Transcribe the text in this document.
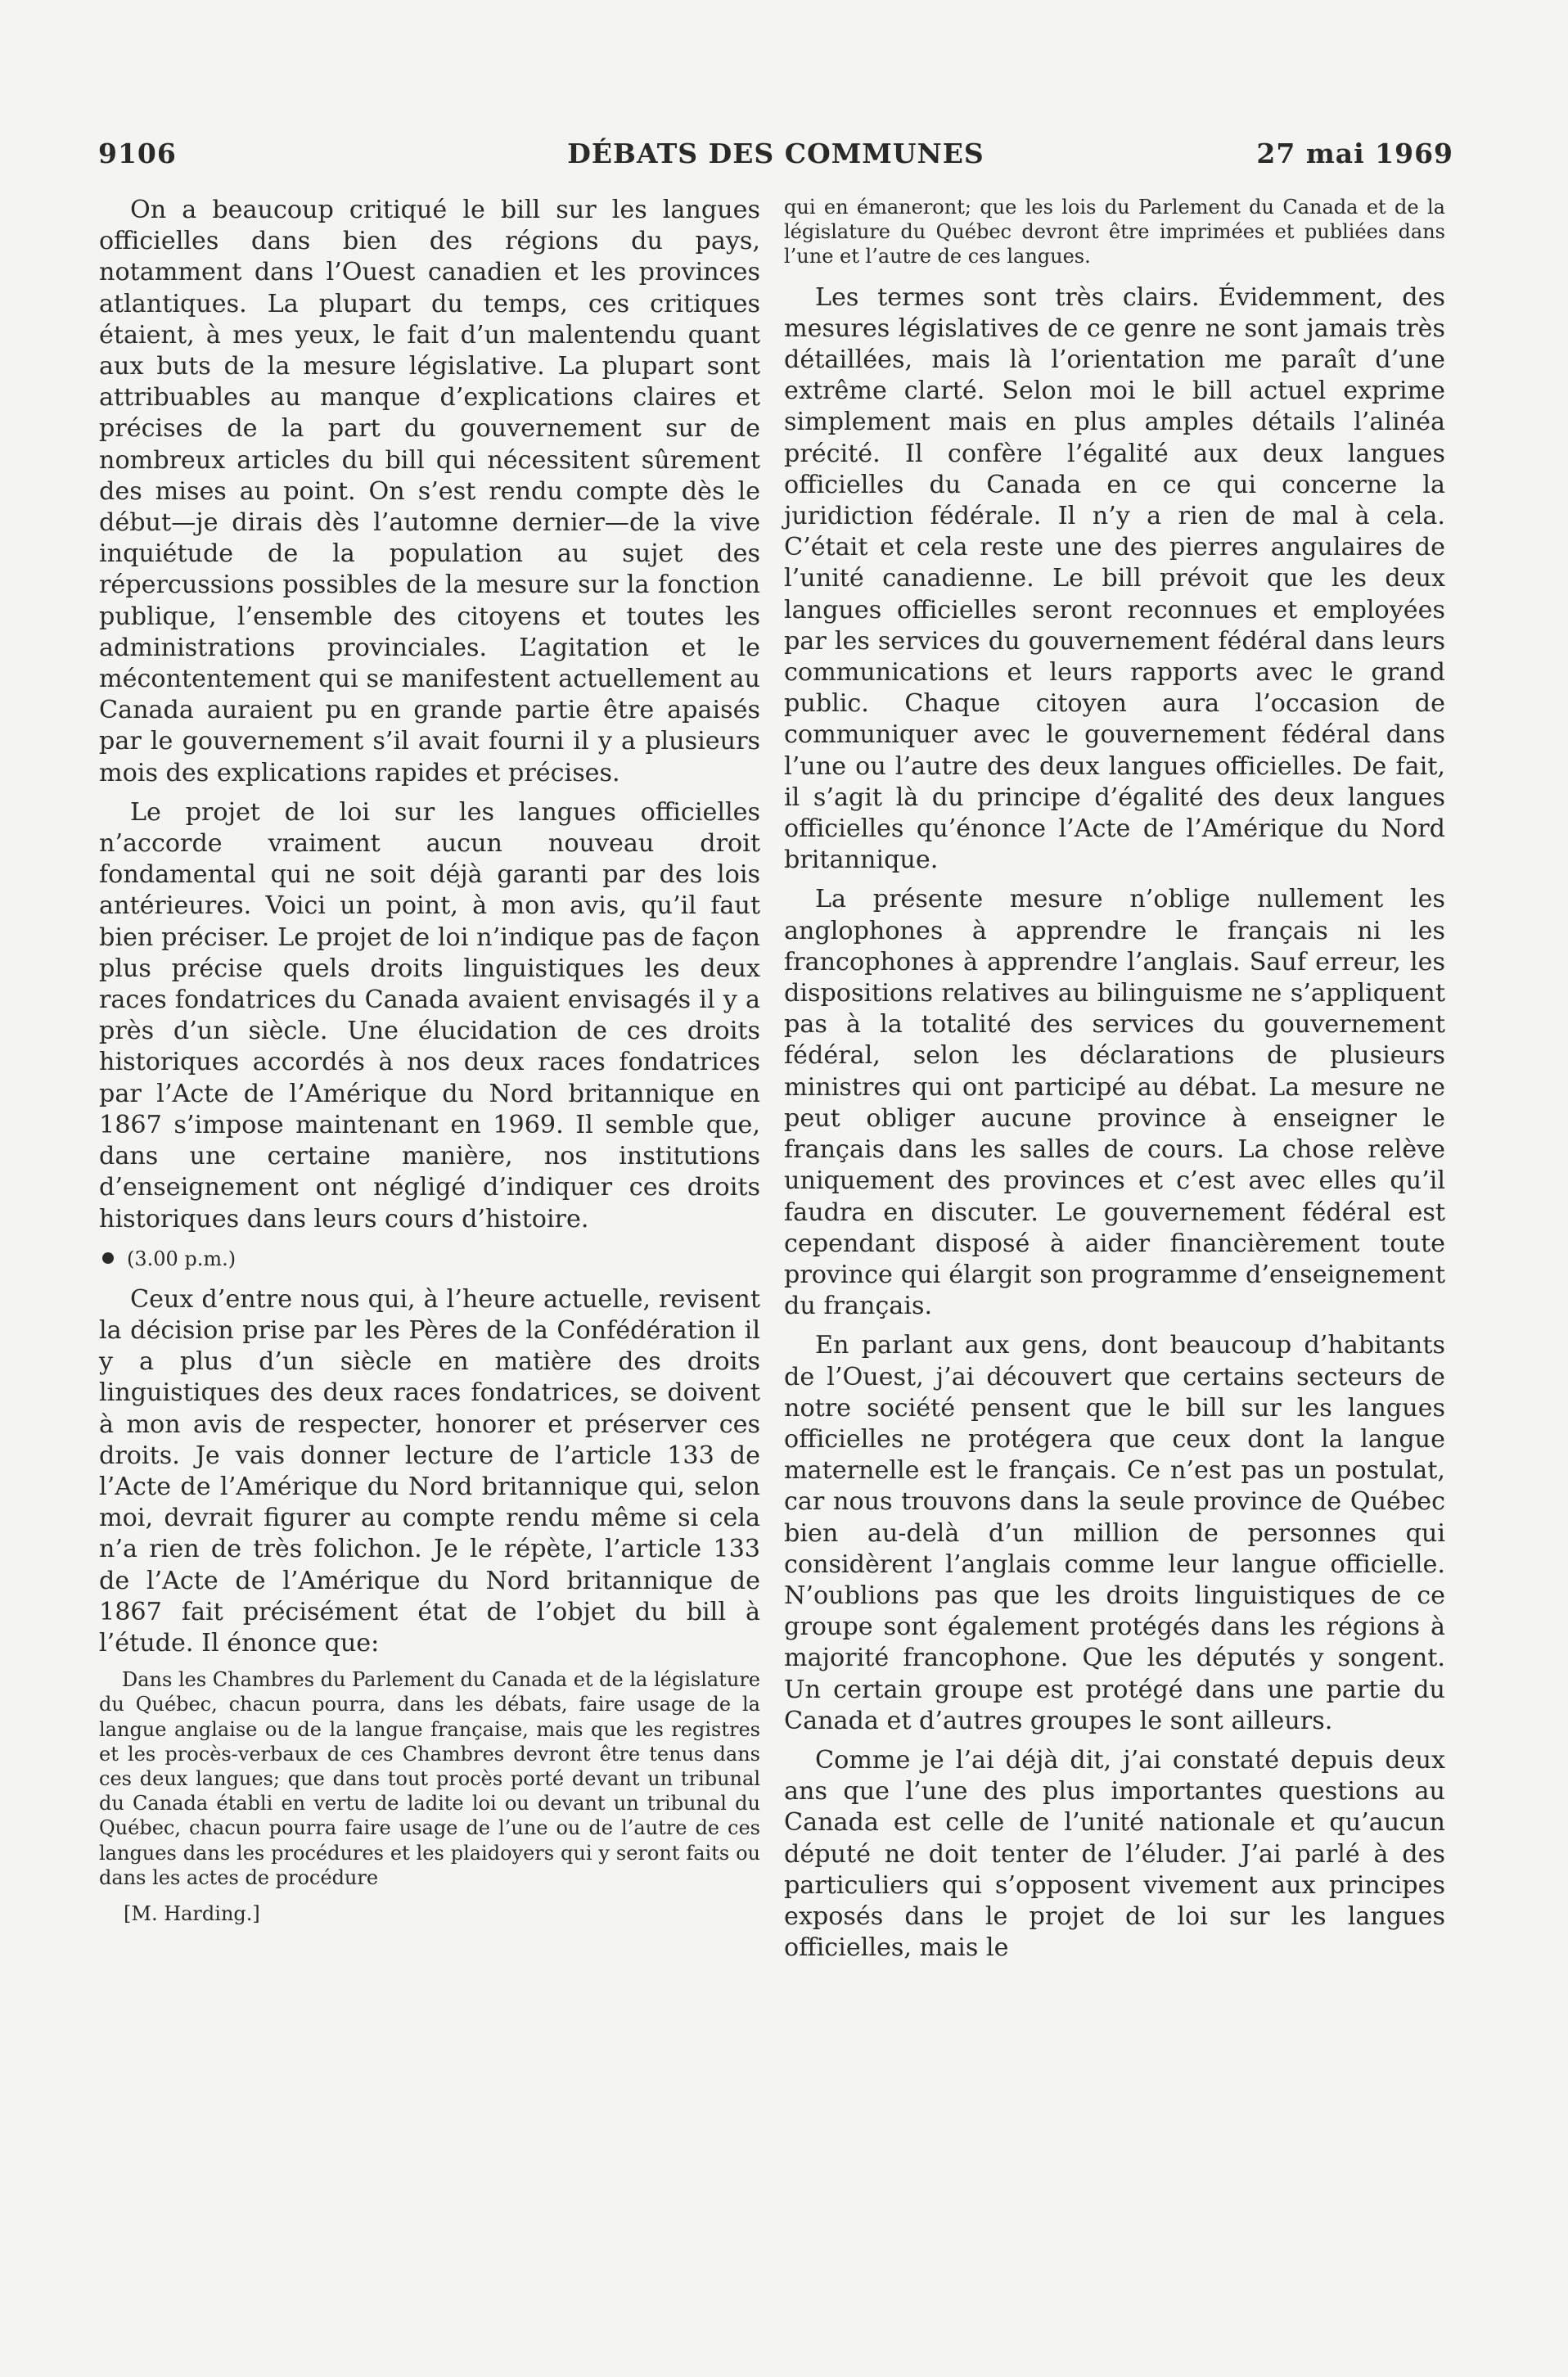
9106	DÉBATS DES COMMUNES	27 mai 1969

On a beaucoup critiqué le bill sur les langues officielles dans bien des régions du pays, notamment dans l’Ouest canadien et les provinces atlantiques. La plupart du temps, ces critiques étaient, à mes yeux, le fait d’un malentendu quant aux buts de la mesure législative. La plupart sont attribuables au manque d’explications claires et précises de la part du gouvernement sur de nombreux articles du bill qui nécessitent sûrement des mises au point. On s’est rendu compte dès le début—je dirais dès l’automne dernier—de la vive inquiétude de la population au sujet des répercussions possibles de la mesure sur la fonction publique, l’ensemble des citoyens et toutes les administrations provinciales. L’agitation et le mécontentement qui se manifestent actuellement au Canada auraient pu en grande partie être apaisés par le gouvernement s’il avait fourni il y a plusieurs mois des explications rapides et précises.

Le projet de loi sur les langues officielles n’accorde vraiment aucun nouveau droit fondamental qui ne soit déjà garanti par des lois antérieures. Voici un point, à mon avis, qu’il faut bien préciser. Le projet de loi n’indique pas de façon plus précise quels droits linguistiques les deux races fondatrices du Canada avaient envisagés il y a près d’un siècle. Une élucidation de ces droits historiques accordés à nos deux races fondatrices par l’Acte de l’Amérique du Nord britannique en 1867 s’impose maintenant en 1969. Il semble que, dans une certaine manière, nos institutions d’enseignement ont négligé d’indiquer ces droits historiques dans leurs cours d’histoire.

(3.00 p.m.)

Ceux d’entre nous qui, à l’heure actuelle, revisent la décision prise par les Pères de la Confédération il y a plus d’un siècle en matière des droits linguistiques des deux races fondatrices, se doivent à mon avis de respecter, honorer et préserver ces droits. Je vais donner lecture de l’article 133 de l’Acte de l’Amérique du Nord britannique qui, selon moi, devrait figurer au compte rendu même si cela n’a rien de très folichon. Je le répète, l’article 133 de l’Acte de l’Amérique du Nord britannique de 1867 fait précisément état de l’objet du bill à l’étude. Il énonce que:

Dans les Chambres du Parlement du Canada et de la législature du Québec, chacun pourra, dans les débats, faire usage de la langue anglaise ou de la langue française, mais que les registres et les procès-verbaux de ces Chambres devront être tenus dans ces deux langues; que dans tout procès porté devant un tribunal du Canada établi en vertu de ladite loi ou devant un tribunal du Québec, chacun pourra faire usage de l’une ou de l’autre de ces langues dans les procédures et les plaidoyers qui y seront faits ou dans les actes de procédure

[M. Harding.]

qui en émaneront; que les lois du Parlement du Canada et de la législature du Québec devront être imprimées et publiées dans l’une et l’autre de ces langues.

Les termes sont très clairs. Évidemment, des mesures législatives de ce genre ne sont jamais très détaillées, mais là l’orientation me paraît d’une extrême clarté. Selon moi le bill actuel exprime simplement mais en plus amples détails l’alinéa précité. Il confère l’égalité aux deux langues officielles du Canada en ce qui concerne la juridiction fédérale. Il n’y a rien de mal à cela. C’était et cela reste une des pierres angulaires de l’unité canadienne. Le bill prévoit que les deux langues officielles seront reconnues et employées par les services du gouvernement fédéral dans leurs communications et leurs rapports avec le grand public. Chaque citoyen aura l’occasion de communiquer avec le gouvernement fédéral dans l’une ou l’autre des deux langues officielles. De fait, il s’agit là du principe d’égalité des deux langues officielles qu’énonce l’Acte de l’Amérique du Nord britannique.

La présente mesure n’oblige nullement les anglophones à apprendre le français ni les francophones à apprendre l’anglais. Sauf erreur, les dispositions relatives au bilinguisme ne s’appliquent pas à la totalité des services du gouvernement fédéral, selon les déclarations de plusieurs ministres qui ont participé au débat. La mesure ne peut obliger aucune province à enseigner le français dans les salles de cours. La chose relève uniquement des provinces et c’est avec elles qu’il faudra en discuter. Le gouvernement fédéral est cependant disposé à aider financièrement toute province qui élargit son programme d’enseignement du français.

En parlant aux gens, dont beaucoup d’habitants de l’Ouest, j’ai découvert que certains secteurs de notre société pensent que le bill sur les langues officielles ne protégera que ceux dont la langue maternelle est le français. Ce n’est pas un postulat, car nous trouvons dans la seule province de Québec bien au-delà d’un million de personnes qui considèrent l’anglais comme leur langue officielle. N’oublions pas que les droits linguistiques de ce groupe sont également protégés dans les régions à majorité francophone. Que les députés y songent. Un certain groupe est protégé dans une partie du Canada et d’autres groupes le sont ailleurs.

Comme je l’ai déjà dit, j’ai constaté depuis deux ans que l’une des plus importantes questions au Canada est celle de l’unité nationale et qu’aucun député ne doit tenter de l’éluder. J’ai parlé à des particuliers qui s’opposent vivement aux principes exposés dans le projet de loi sur les langues officielles, mais le
